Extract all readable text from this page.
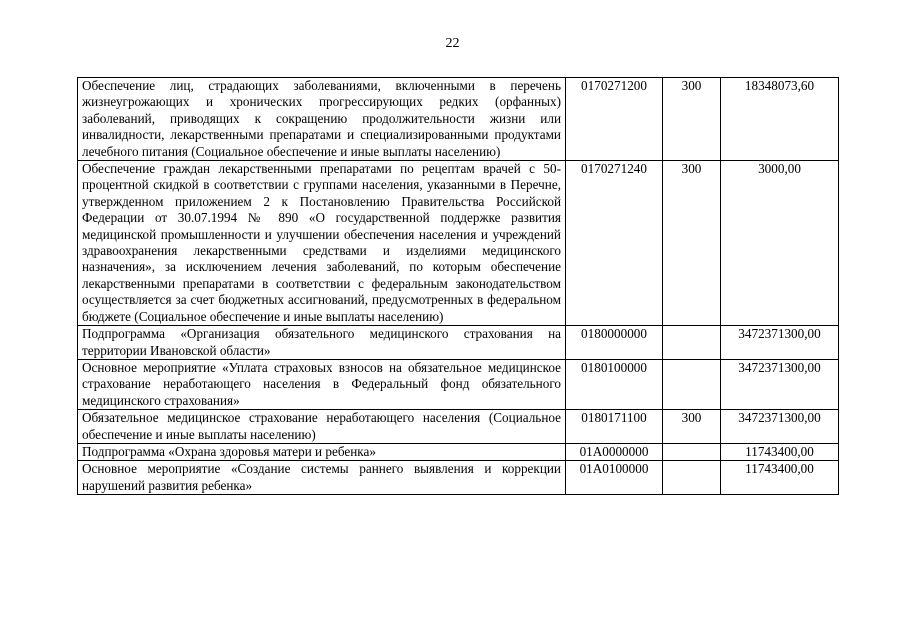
22
Обеспечение лиц, страдающих заболеваниями, включенными в перечень жизнеугрожающих и хронических прогрессирующих редких (орфанных) заболеваний, приводящих к сокращению продолжительности жизни или инвалидности, лекарственными препаратами и специализированными продуктами лечебного питания (Социальное обеспечение и иные выплаты населению)	0170271200	300	18348073,60
Обеспечение граждан лекарственными препаратами по рецептам врачей с 50-процентной скидкой в соответствии с группами населения, указанными в Перечне, утвержденном приложением 2 к Постановлению Правительства Российской Федерации от 30.07.1994 № 890 «О государственной поддержке развития медицинской промышленности и улучшении обеспечения населения и учреждений здравоохранения лекарственными средствами и изделиями медицинского назначения», за исключением лечения заболеваний, по которым обеспечение лекарственными препаратами в соответствии с федеральным законодательством осуществляется за счет бюджетных ассигнований, предусмотренных в федеральном бюджете (Социальное обеспечение и иные выплаты населению)	0170271240	300	3000,00
Подпрограмма «Организация обязательного медицинского страхования на территории Ивановской области»	0180000000		3472371300,00
Основное мероприятие «Уплата страховых взносов на обязательное медицинское страхование неработающего населения в Федеральный фонд обязательного медицинского страхования»	0180100000		3472371300,00
Обязательное медицинское страхование неработающего населения (Социальное обеспечение и иные выплаты населению)	0180171100	300	3472371300,00
Подпрограмма «Охрана здоровья матери и ребенка»	01А0000000		11743400,00
Основное мероприятие «Создание системы раннего выявления и коррекции нарушений развития ребенка»	01А0100000		11743400,00
